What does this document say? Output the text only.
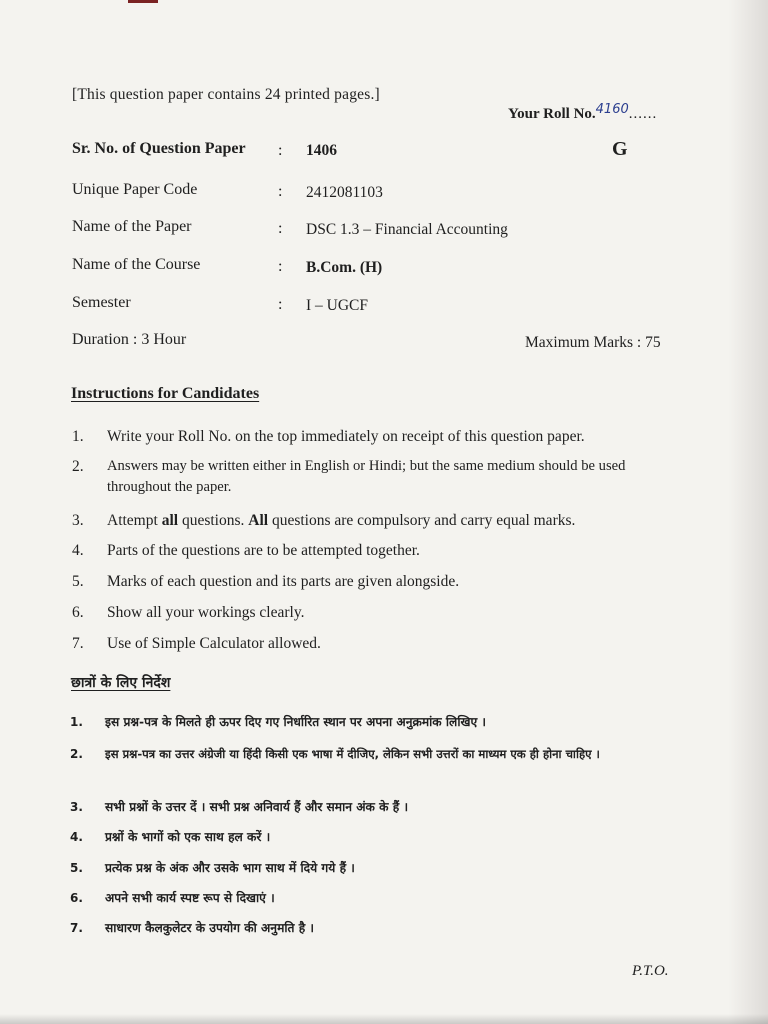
[This question paper contains 24 printed pages.]
Your Roll No.4160......
G
Sr. No. of Question Paper : 1406
Unique Paper Code	: 2412081103
Name of the Paper	: DSC 1.3 – Financial Accounting
Name of the Course	: B.Com. (H)
Semester	: I – UGCF
Duration : 3 Hour	Maximum Marks : 75
Instructions for Candidates
1. Write your Roll No. on the top immediately on receipt of this question paper.
2. Answers may be written either in English or Hindi; but the same medium should be used throughout the paper.
3. Attempt all questions. All questions are compulsory and carry equal marks.
4. Parts of the questions are to be attempted together.
5. Marks of each question and its parts are given alongside.
6. Show all your workings clearly.
7. Use of Simple Calculator allowed.
छात्रों के लिए निर्देश
1. इस प्रश्न-पत्र के मिलते ही ऊपर दिए गए निर्धारित स्थान पर अपना अनुक्रमांक लिखिए ।
2. इस प्रश्न-पत्र का उत्तर अंग्रेजी या हिंदी किसी एक भाषा में दीजिए, लेकिन सभी उत्तरों का माध्यम एक ही होना चाहिए ।
3. सभी प्रश्नों के उत्तर दें । सभी प्रश्न अनिवार्य हैं और समान अंक के हैं ।
4. प्रश्नों के भागों को एक साथ हल करें ।
5. प्रत्येक प्रश्न के अंक और उसके भाग साथ में दिये गये हैं ।
6. अपने सभी कार्य स्पष्ट रूप से दिखाएं ।
7. साधारण कैलकुलेटर के उपयोग की अनुमति है ।
P.T.O.
